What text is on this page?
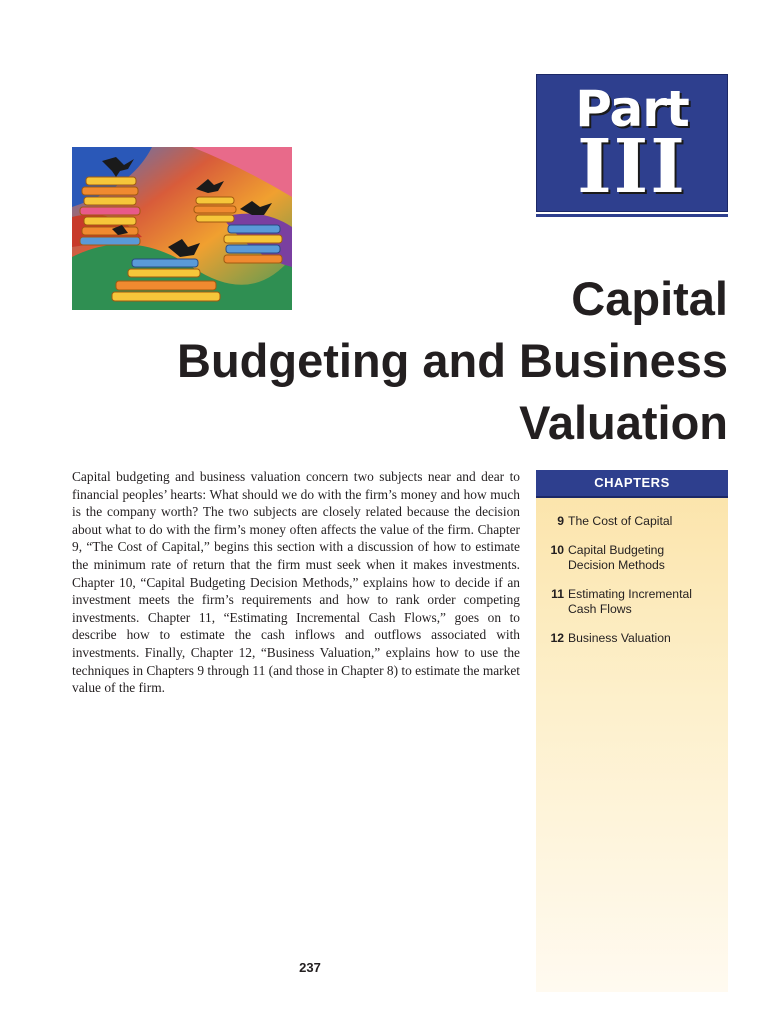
Part
III
Capital
Budgeting and Business
Valuation
Capital budgeting and business valuation concern two subjects near and dear to financial peoples’ hearts: What should we do with the firm’s money and how much is the company worth? The two subjects are closely related because the decision about what to do with the firm’s money often affects the value of the firm. Chapter 9, “The Cost of Capital,” begins this section with a discussion of how to estimate the minimum rate of return that the firm must seek when it makes investments. Chapter 10, “Capital Budgeting Decision Methods,” explains how to decide if an investment meets the firm’s requirements and how to rank order competing investments. Chapter 11, “Estimating Incremental Cash Flows,” goes on to describe how to estimate the cash inflows and outflows associated with investments. Finally, Chapter 12, “Business Valuation,” explains how to use the techniques in Chapters 9 through 11 (and those in Chapter 8) to estimate the market value of the firm.
CHAPTERS
9 The Cost of Capital
10 Capital Budgeting Decision Methods
11 Estimating Incremental Cash Flows
12 Business Valuation
237
